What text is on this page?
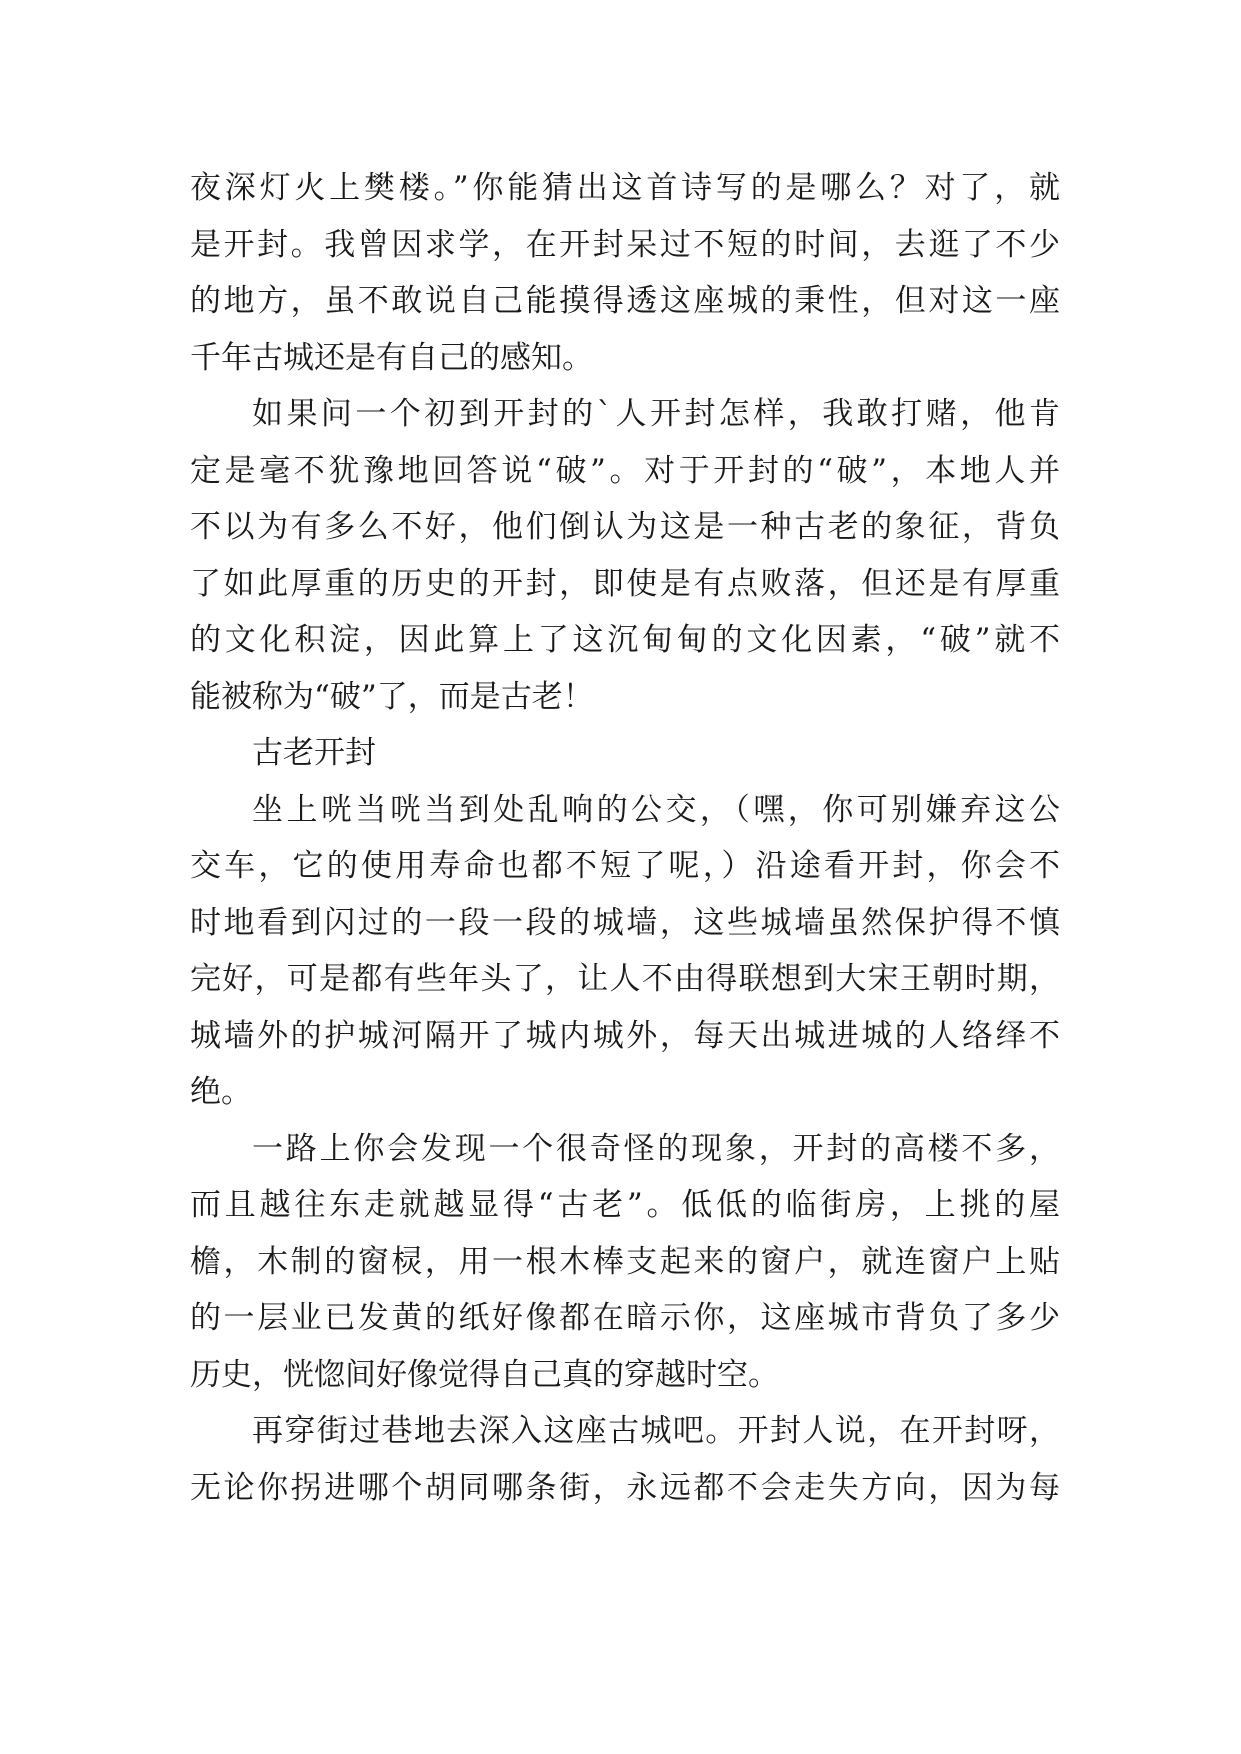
夜深灯火上樊楼。”你能猜出这首诗写的是哪么？对了，就
是开封。我曾因求学，在开封呆过不短的时间，去逛了不少
的地方，虽不敢说自己能摸得透这座城的秉性，但对这一座
千年古城还是有自己的感知。
如果问一个初到开封的`人开封怎样，我敢打赌，他肯
定是毫不犹豫地回答说“破”。对于开封的“破”，本地人并
不以为有多么不好，他们倒认为这是一种古老的象征，背负
了如此厚重的历史的开封，即使是有点败落，但还是有厚重
的文化积淀，因此算上了这沉甸甸的文化因素，“破”就不
能被称为“破”了，而是古老！
古老开封
坐上咣当咣当到处乱响的公交，（嘿，你可别嫌弃这公
交车，它的使用寿命也都不短了呢，）沿途看开封，你会不
时地看到闪过的一段一段的城墙，这些城墙虽然保护得不慎
完好，可是都有些年头了，让人不由得联想到大宋王朝时期，
城墙外的护城河隔开了城内城外，每天出城进城的人络绎不
绝。
一路上你会发现一个很奇怪的现象，开封的高楼不多，
而且越往东走就越显得“古老”。低低的临街房，上挑的屋
檐，木制的窗棂，用一根木棒支起来的窗户，就连窗户上贴
的一层业已发黄的纸好像都在暗示你，这座城市背负了多少
历史，恍惚间好像觉得自己真的穿越时空。
再穿街过巷地去深入这座古城吧。开封人说，在开封呀，
无论你拐进哪个胡同哪条街，永远都不会走失方向，因为每
